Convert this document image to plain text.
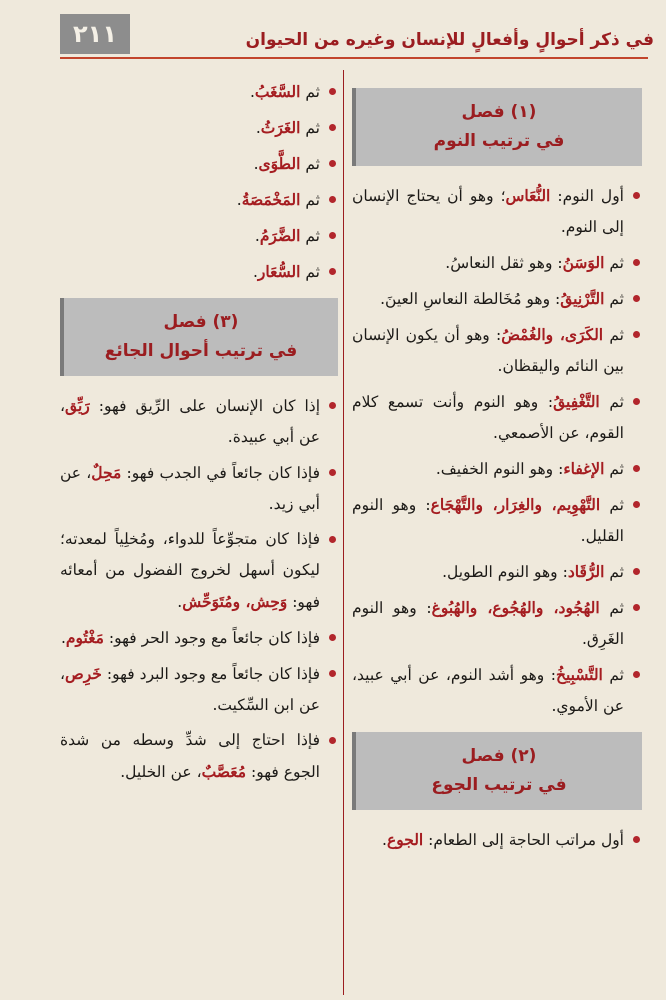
٢١١	في ذكر أحوالٍ وأفعالٍ للإنسان وغيره من الحيوان
(١) فصل
في ترتيب النوم
أول النوم: النُّعَاس؛ وهو أن يحتاج الإنسان إلى النوم.
ثم الوَسَنُ: وهو ثقل النعاسُ.
ثم التَّرْنِيقُ: وهو مُخَالطة النعاسِ العينَ.
ثم الكَرَى، والغُمْضُ: وهو أن يكون الإنسان بين النائم واليقظان.
ثم التَّغْفِيقُ: وهو النوم وأنت تسمع كلام القوم، عن الأصمعي.
ثم الإغفاء: وهو النوم الخفيف.
ثم التَّهْوِيم، والغِرَار، والتَّهْجَاع: وهو النوم القليل.
ثم الرُّقَاد: وهو النوم الطويل.
ثم الهُجُود، والهُجُوع، والهُبُوغ: وهو النوم الغَرِق.
ثم التَّسْبِيخُ: وهو أشد النوم، عن أبي عبيد، عن الأموي.
(٢) فصل
في ترتيب الجوع
أول مراتب الحاجة إلى الطعام: الجوع.
ثم السَّغَبُ.
ثم الغَرَثُ.
ثم الطَّوَى.
ثم المَخْمَصَةُ.
ثم الضَّرَمُ.
ثم السُّعَار.
(٣) فصل
في ترتيب أحوال الجائع
إذا كان الإنسان على الرِّيق فهو: رَيِّق، عن أبي عبيدة.
فإذا كان جائعاً في الجدب فهو: مَحِلٌ، عن أبي زيد.
فإذا كان متجوِّعاً للدواء، ومُخلِياً لمعدته؛ ليكون أسهل لخروج الفضول من أمعائه فهو: وَحِش، ومُتَوَحِّش.
فإذا كان جائعاً مع وجود الحر فهو: مَغْتُوم.
فإذا كان جائعاً مع وجود البرد فهو: خَرِص، عن ابن السِّكيت.
فإذا احتاج إلى شدِّ وسطه من شدة الجوع فهو: مُعَصَّبٌ، عن الخليل.
